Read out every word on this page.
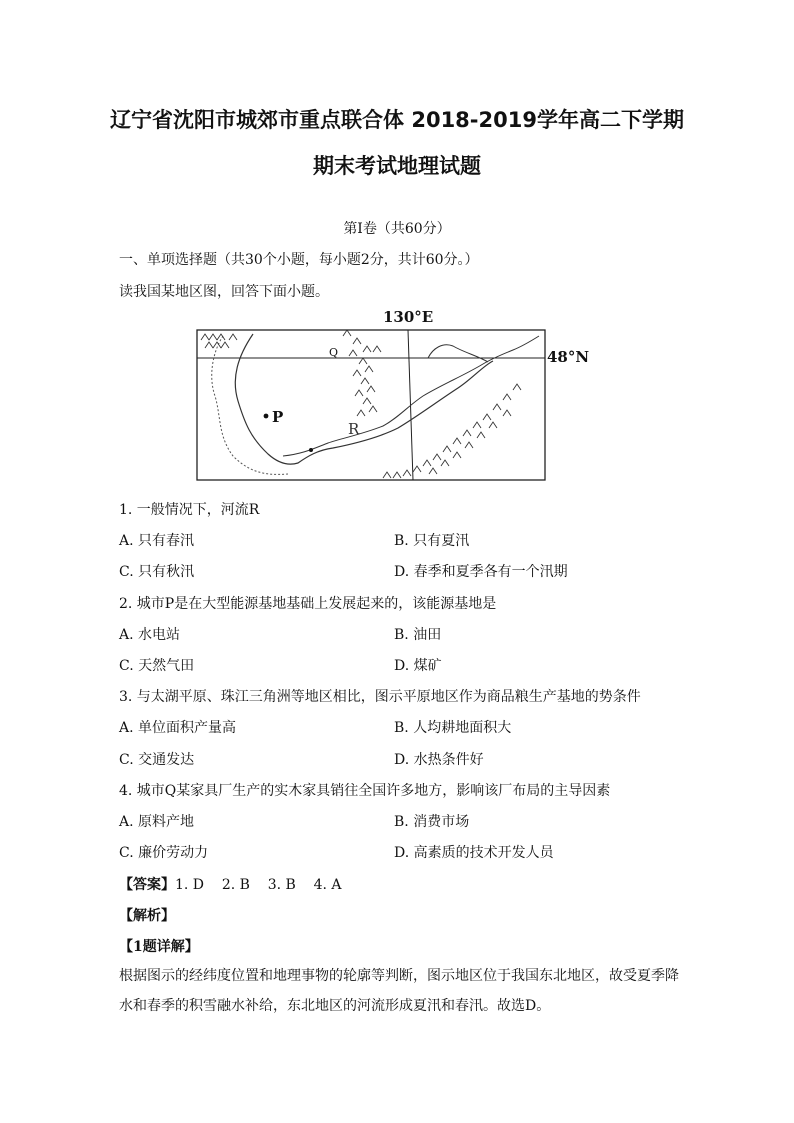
辽宁省沈阳市城郊市重点联合体 2018-2019学年高二下学期
期末考试地理试题
第Ⅰ卷（共60分）
一、单项选择题（共30个小题，每小题2分，共计60分。）
读我国某地区图，回答下面小题。
130°E
48°N
Q
P
R
1. 一般情况下，河流R
A. 只有春汛	B. 只有夏汛
C. 只有秋汛	D. 春季和夏季各有一个汛期
2. 城市P是在大型能源基地基础上发展起来的，该能源基地是
A. 水电站	B. 油田
C. 天然气田	D. 煤矿
3. 与太湖平原、珠江三角洲等地区相比，图示平原地区作为商品粮生产基地的势条件
A. 单位面积产量高	B. 人均耕地面积大
C. 交通发达	D. 水热条件好
4. 城市Q某家具厂生产的实木家具销往全国许多地方，影响该厂布局的主导因素
A. 原料产地	B. 消费市场
C. 廉价劳动力	D. 高素质的技术开发人员
【答案】1. D    2. B    3. B    4. A
【解析】
【1题详解】
根据图示的经纬度位置和地理事物的轮廓等判断，图示地区位于我国东北地区，故受夏季降水和春季的积雪融水补给，东北地区的河流形成夏汛和春汛。故选D。
